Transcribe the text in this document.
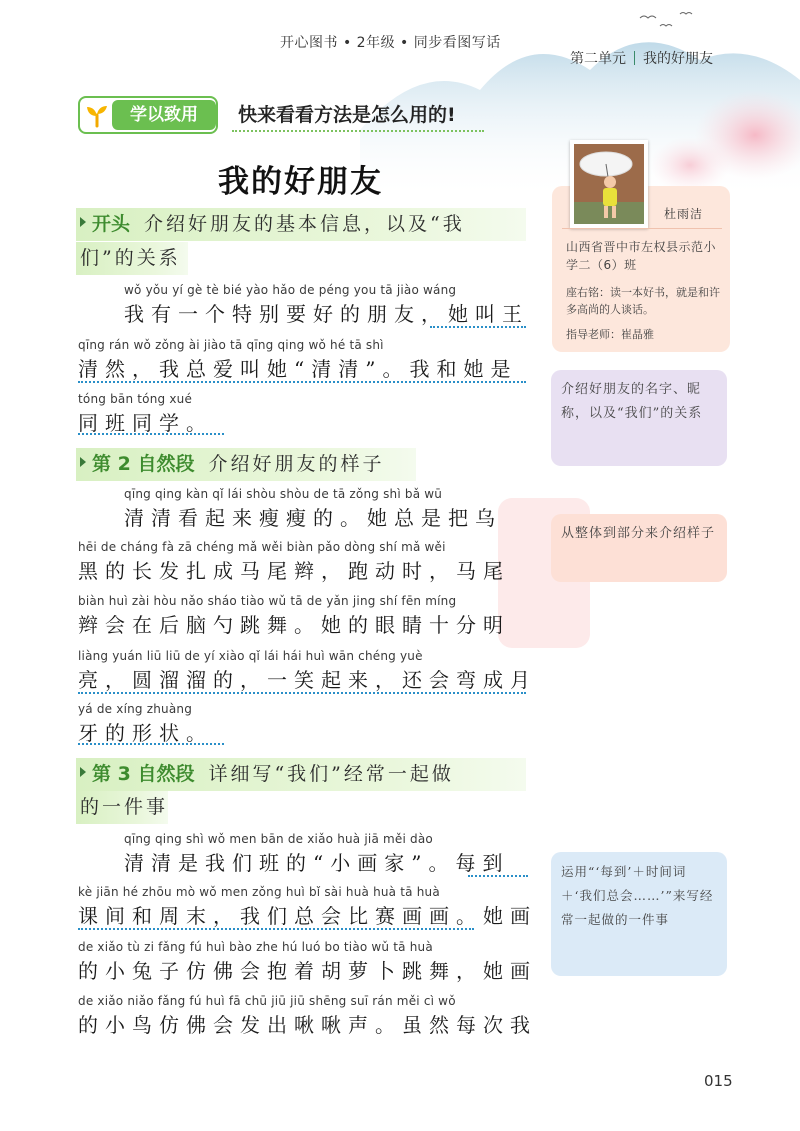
开心图书 • 2年级 • 同步看图写话
第二单元 我的好朋友
学以致用	快来看看方法是怎么用的!
我的好朋友
开头 介绍好朋友的基本信息，以及“我
们”的关系
wǒ yǒu yí gè tè bié yào hǎo de péng you tā jiào wáng
我有一个特别要好的朋友，她叫王
qīng rán wǒ zǒng ài jiào tā qīng qing wǒ hé tā shì
清然，我总爱叫她“清清”。我和她是
tóng bān tóng xué
同班同学。
第 2 自然段 介绍好朋友的样子
qīng qing kàn qǐ lái shòu shòu de tā zǒng shì bǎ wū
清清看起来瘦瘦的。她总是把乌
hēi de cháng fà zā chéng mǎ wěi biàn pǎo dòng shí mǎ wěi
黑的长发扎成马尾辫，跑动时，马尾
biàn huì zài hòu nǎo sháo tiào wǔ tā de yǎn jing shí fēn míng
辫会在后脑勺跳舞。她的眼睛十分明
liàng yuán liū liū de yí xiào qǐ lái hái huì wān chéng yuè
亮，圆溜溜的，一笑起来，还会弯成月
yá de xíng zhuàng
牙的形状。
第 3 自然段 详细写“我们”经常一起做
的一件事
qīng qing shì wǒ men bān de xiǎo huà jiā měi dào
清清是我们班的“小画家”。每到
kè jiān hé zhōu mò wǒ men zǒng huì bǐ sài huà huà tā huà
课间和周末，我们总会比赛画画。她画
de xiǎo tù zi fǎng fú huì bào zhe hú luó bo tiào wǔ tā huà
的小兔子仿佛会抱着胡萝卜跳舞，她画
de xiǎo niǎo fǎng fú huì fā chū jiū jiū shēng suī rán měi cì wǒ
的小鸟仿佛会发出啾啾声。虽然每次我
杜雨洁
山西省晋中市左权县示范小学二（6）班
座右铭：读一本好书，就是和许多高尚的人谈话。
指导老师：崔晶雅
介绍好朋友的名字、昵称，以及“我们”的关系
从整体到部分来介绍样子
运用“‘每到’＋时间词＋‘我们总会……’”来写经常一起做的一件事
015
